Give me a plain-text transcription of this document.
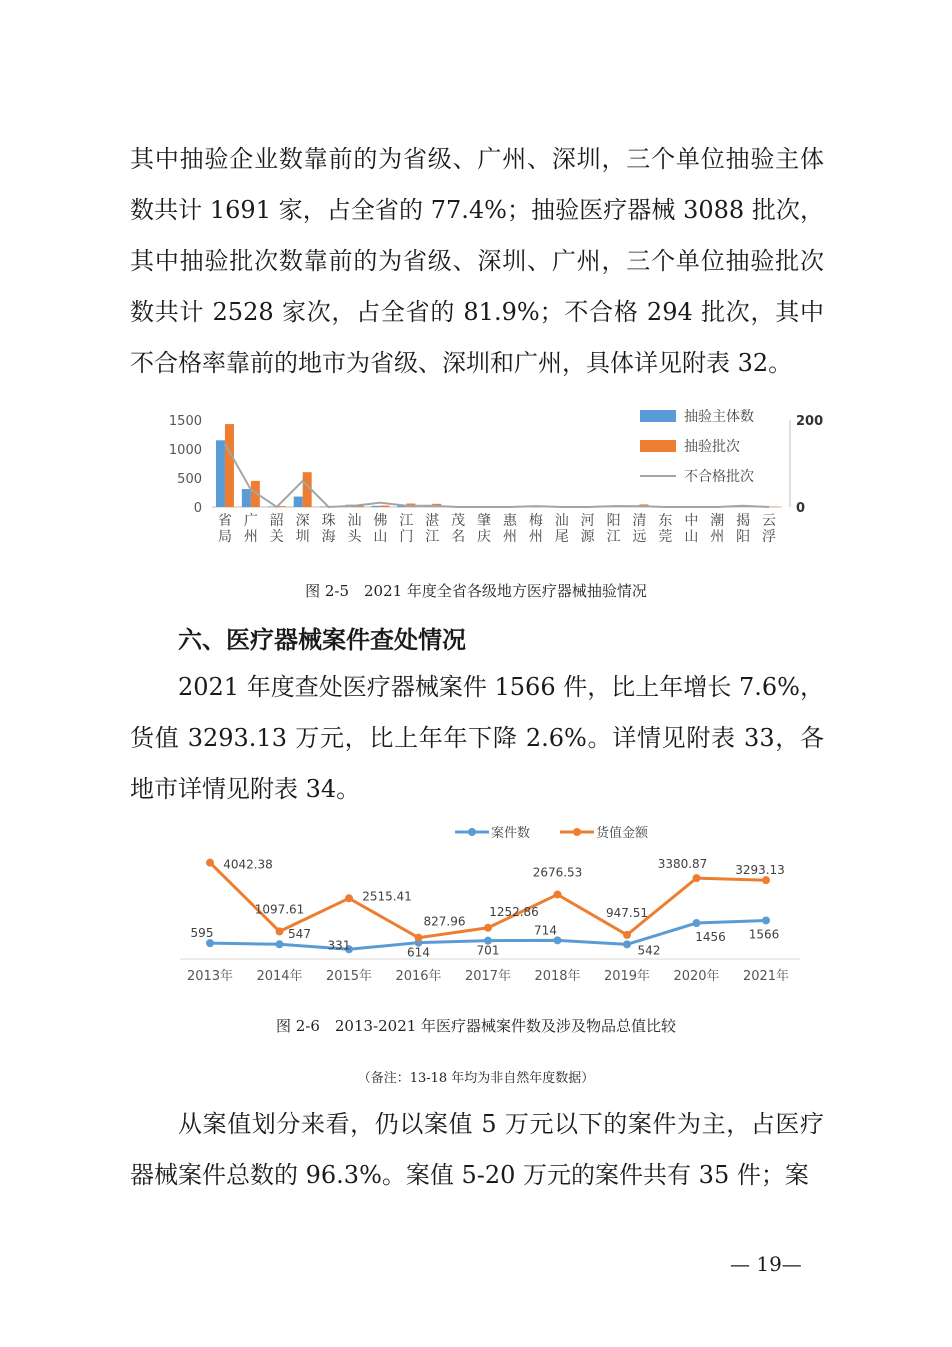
其中抽验企业数靠前的为省级、广州、深圳，三个单位抽验主体数共计 1691 家，占全省的 77.4%；抽验医疗器械 3088 批次，其中抽验批次数靠前的为省级、深圳、广州，三个单位抽验批次数共计 2528 家次，占全省的 81.9%；不合格 294 批次，其中不合格率靠前的地市为省级、深圳和广州，具体详见附表 32。
1500
1000
500
0
200
0
省局
广州
韶关
深圳
珠海
汕头
佛山
江门
湛江
茂名
肇庆
惠州
梅州
汕尾
河源
阳江
清远
东莞
中山
潮州
揭阳
云浮
抽验主体数
抽验批次
不合格批次
图 2-5　2021 年度全省各级地方医疗器械抽验情况
六、医疗器械案件查处情况
2021 年度查处医疗器械案件 1566 件，比上年增长 7.6%，货值 3293.13 万元，比上年年下降 2.6%。详情见附表 33，各地市详情见附表 34。
案件数	货值金额
595	547
331
614	701
714
542
1456 1566
4042.38
1097.61
2515.41
827.96
1252.86
2676.53
947.51
3380.87 3293.13
2013年 2014年 2015年 2016年 2017年 2018年 2019年 2020年 2021年
图 2-6　2013-2021 年医疗器械案件数及涉及物品总值比较
（备注：13-18 年均为非自然年度数据）
从案值划分来看，仍以案值 5 万元以下的案件为主，占医疗器械案件总数的 96.3%。案值 5-20 万元的案件共有 35 件；案
— 19—
